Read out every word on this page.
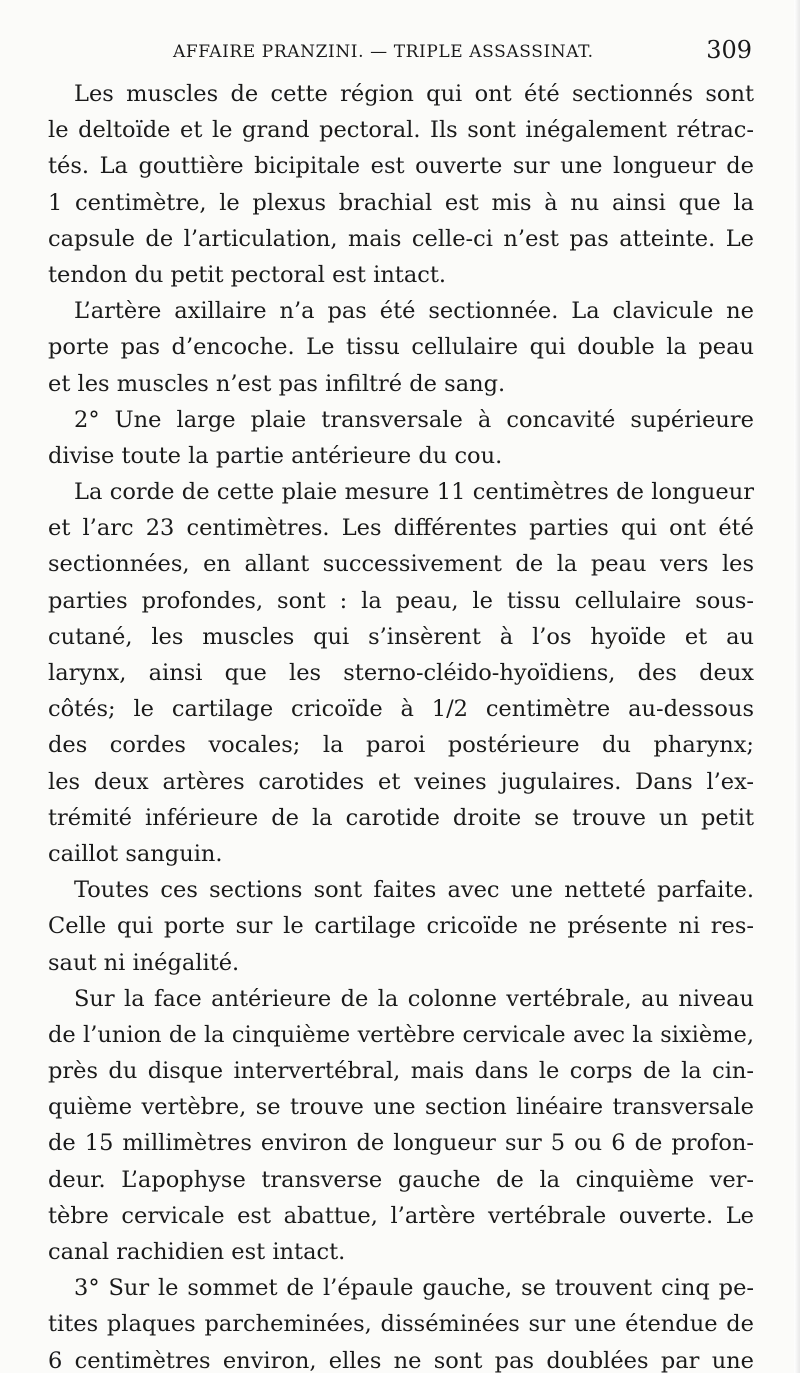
AFFAIRE PRANZINI. — TRIPLE ASSASSINAT.	309
Les muscles de cette région qui ont été sectionnés sont
le deltoïde et le grand pectoral. Ils sont inégalement rétrac-
tés. La gouttière bicipitale est ouverte sur une longueur de
1 centimètre, le plexus brachial est mis à nu ainsi que la
capsule de l’articulation, mais celle-ci n’est pas atteinte. Le
tendon du petit pectoral est intact.
L’artère axillaire n’a pas été sectionnée. La clavicule ne
porte pas d’encoche. Le tissu cellulaire qui double la peau
et les muscles n’est pas infiltré de sang.
2° Une large plaie transversale à concavité supérieure
divise toute la partie antérieure du cou.
La corde de cette plaie mesure 11 centimètres de longueur
et l’arc 23 centimètres. Les différentes parties qui ont été
sectionnées, en allant successivement de la peau vers les
parties profondes, sont : la peau, le tissu cellulaire sous-
cutané, les muscles qui s’insèrent à l’os hyoïde et au
larynx, ainsi que les sterno-cléido-hyoïdiens, des deux
côtés; le cartilage cricoïde à 1/2 centimètre au-dessous
des cordes vocales; la paroi postérieure du pharynx;
les deux artères carotides et veines jugulaires. Dans l’ex-
trémité inférieure de la carotide droite se trouve un petit
caillot sanguin.
Toutes ces sections sont faites avec une netteté parfaite.
Celle qui porte sur le cartilage cricoïde ne présente ni res-
saut ni inégalité.
Sur la face antérieure de la colonne vertébrale, au niveau
de l’union de la cinquième vertèbre cervicale avec la sixième,
près du disque intervertébral, mais dans le corps de la cin-
quième vertèbre, se trouve une section linéaire transversale
de 15 millimètres environ de longueur sur 5 ou 6 de profon-
deur. L’apophyse transverse gauche de la cinquième ver-
tèbre cervicale est abattue, l’artère vertébrale ouverte. Le
canal rachidien est intact.
3° Sur le sommet de l’épaule gauche, se trouvent cinq pe-
tites plaques parcheminées, disséminées sur une étendue de
6 centimètres environ, elles ne sont pas doublées par une
